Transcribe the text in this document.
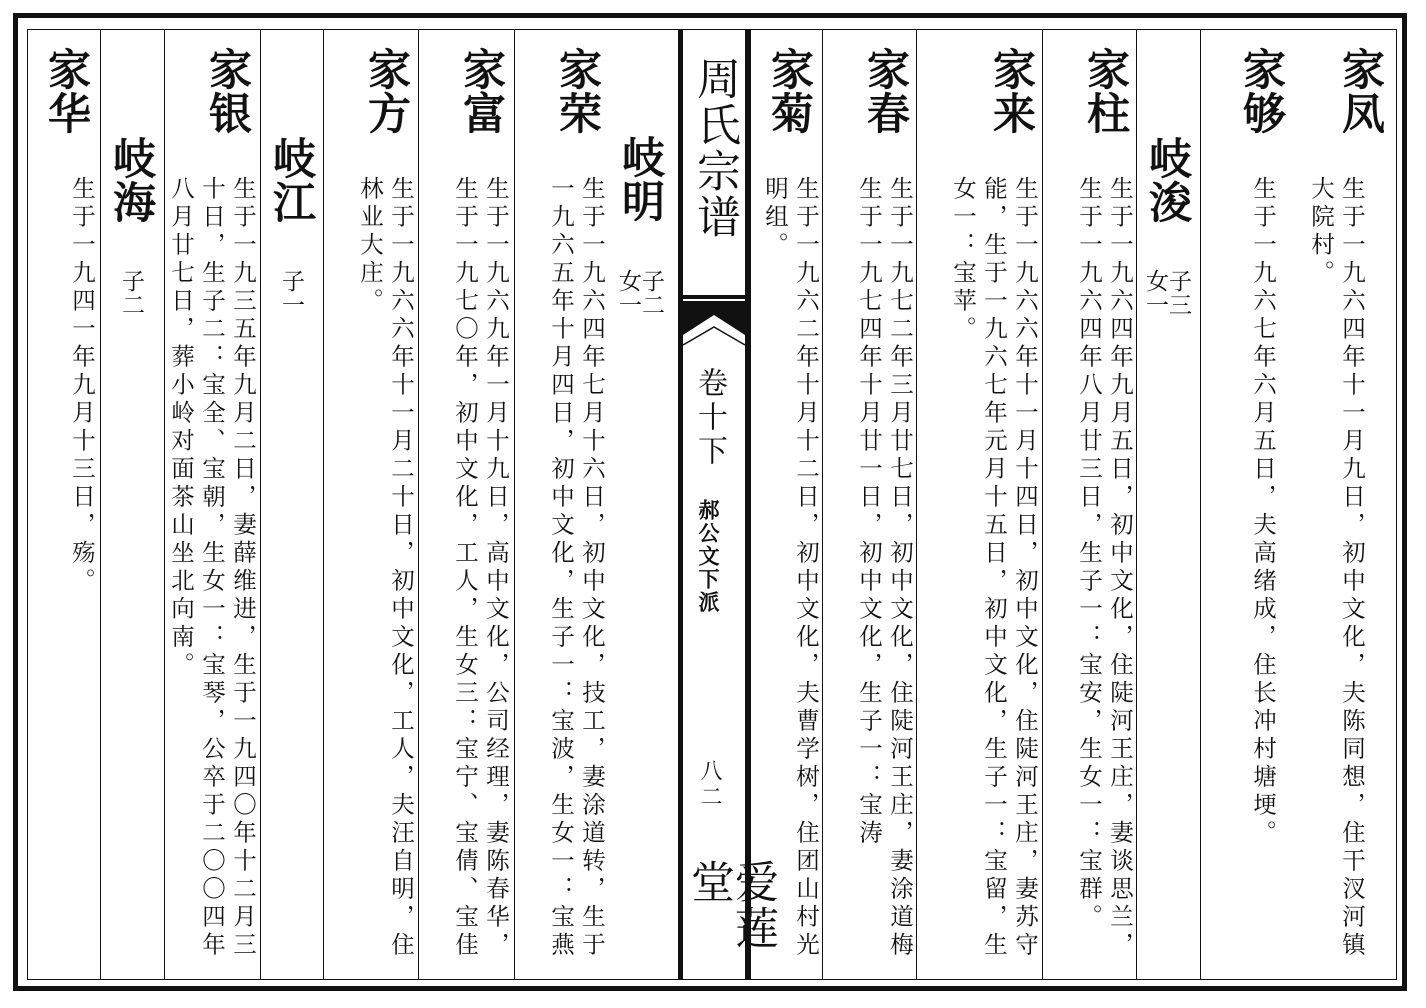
家凤
生于一九六四年十一月九日，初中文化，夫陈同想，住干汊河镇
大院村。
家够
生于一九六七年六月五日，夫高绪成，住长冲村塘埂。
岐浚
子三
女一
家柱
生于一九六四年九月五日，初中文化，住陡河王庄，妻谈思兰，
生于一九六四年八月廿三日，生子一：宝安，生女一：宝群。
家来
生于一九六六年十一月十四日，初中文化，住陡河王庄，妻苏守
能，生于一九六七年元月十五日，初中文化，生子一：宝留，生
女一：宝苹。
家春
生于一九七二年三月廿七日，初中文化，住陡河王庄，妻涂道梅
生于一九七四年十月廿一日，初中文化，生子一：宝涛
家菊
生于一九六二年十月十二日，初中文化，夫曹学树，住团山村光
明组。
周氏宗谱
卷十下
郝公文下派
八二
爱莲堂
岐明
子二
女一
家荣
生于一九六四年七月十六日，初中文化，技工，妻涂道转，生于
一九六五年十月四日，初中文化，生子一：宝波，生女一：宝燕
家富
生于一九六九年一月十九日，高中文化，公司经理，妻陈春华，
生于一九七〇年，初中文化，工人，生女三：宝宁、宝倩、宝佳
家方
生于一九六六年十一月二十日，初中文化，工人，夫汪自明，住
林业大庄。
岐江
子一
家银
生于一九三五年九月二日，妻薛维进，生于一九四〇年十二月三
十日，生子二：宝全、宝朝，生女一：宝琴，公卒于二〇〇四年
八月廿七日，葬小岭对面茶山坐北向南。
岐海
子二
家华
生于一九四一年九月十三日，殇。
